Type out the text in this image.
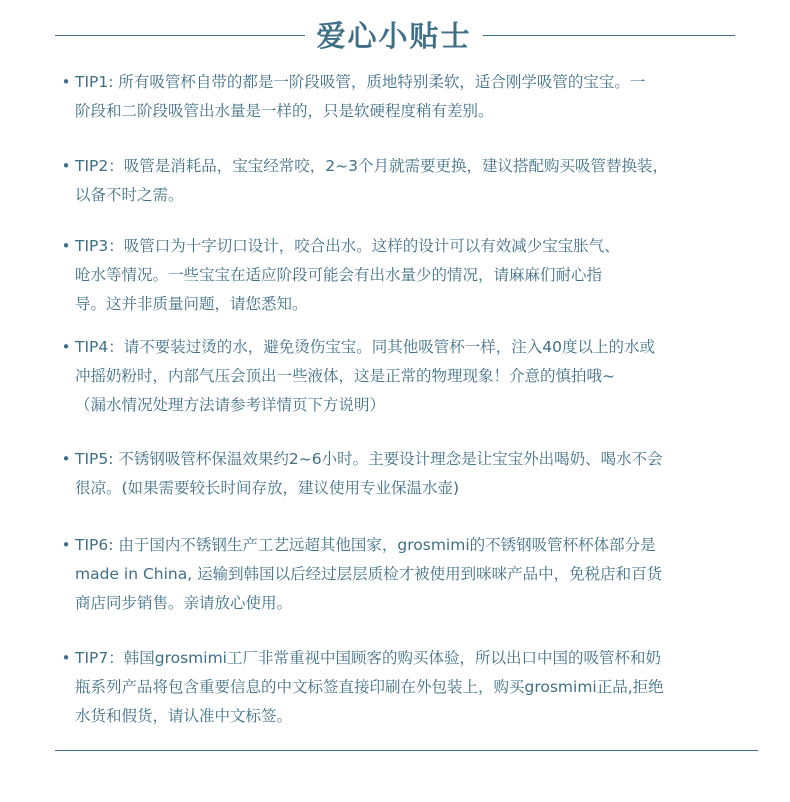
爱心小贴士
• TIP1: 所有吸管杯自带的都是一阶段吸管，质地特别柔软，适合刚学吸管的宝宝。一
阶段和二阶段吸管出水量是一样的，只是软硬程度稍有差别。
• TIP2：吸管是消耗品，宝宝经常咬，2~3个月就需要更换，建议搭配购买吸管替换装，
以备不时之需。
• TIP3：吸管口为十字切口设计，咬合出水。这样的设计可以有效减少宝宝胀气、
呛水等情况。一些宝宝在适应阶段可能会有出水量少的情况，请麻麻们耐心指
导。这并非质量问题，请您悉知。
• TIP4：请不要装过烫的水，避免烫伤宝宝。同其他吸管杯一样，注入40度以上的水或
冲摇奶粉时，内部气压会顶出一些液体，这是正常的物理现象！介意的慎拍哦~
（漏水情况处理方法请参考详情页下方说明）
• TIP5: 不锈钢吸管杯保温效果约2~6小时。主要设计理念是让宝宝外出喝奶、喝水不会
很凉。(如果需要较长时间存放，建议使用专业保温水壶)
• TIP6: 由于国内不锈钢生产工艺远超其他国家，grosmimi的不锈钢吸管杯杯体部分是
made in China, 运输到韩国以后经过层层质检才被使用到咪咪产品中，免税店和百货
商店同步销售。亲请放心使用。
• TIP7：韩国grosmimi工厂非常重视中国顾客的购买体验，所以出口中国的吸管杯和奶
瓶系列产品将包含重要信息的中文标签直接印刷在外包装上，购买grosmimi正品,拒绝
水货和假货，请认准中文标签。
